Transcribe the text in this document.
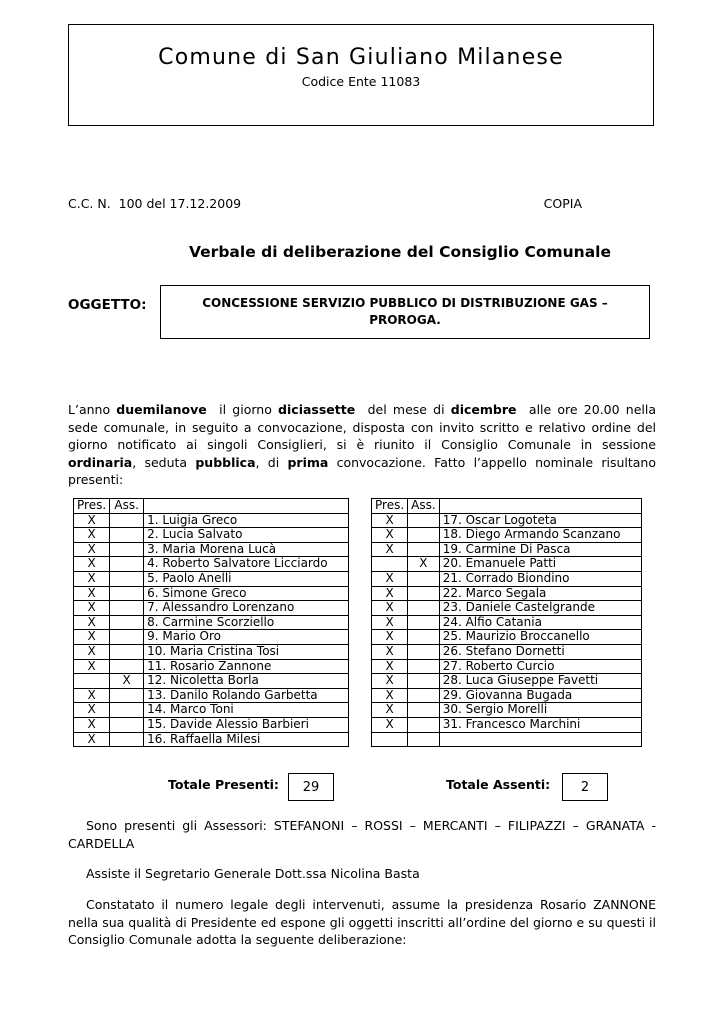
Comune di San Giuliano Milanese
Codice Ente 11083
C.C. N.  100 del 17.12.2009	COPIA
Verbale di deliberazione del Consiglio Comunale
OGGETTO:	CONCESSIONE SERVIZIO PUBBLICO DI DISTRIBUZIONE GAS –
PROROGA.
L’anno duemilanove  il giorno diciassette  del mese di dicembre  alle ore 20.00 nella sede comunale, in seguito a convocazione, disposta con invito scritto e relativo ordine del giorno notificato ai singoli Consiglieri, si è riunito il Consiglio Comunale in sessione ordinaria, seduta pubblica, di prima convocazione. Fatto l’appello nominale risultano presenti:
Pres.	Ass.	
X		1. Luigia Greco
X		2. Lucia Salvato
X		3. Maria Morena Lucà
X		4. Roberto Salvatore Licciardo
X		5. Paolo Anelli
X		6. Simone Greco
X		7. Alessandro Lorenzano
X		8. Carmine Scorziello
X		9. Mario Oro
X		10. Maria Cristina Tosi
X		11. Rosario Zannone
	X	12. Nicoletta Borla
X		13. Danilo Rolando Garbetta
X		14. Marco Toni
X		15. Davide Alessio Barbieri
X		16. Raffaella Milesi
Pres.	Ass.	
X		17. Oscar Logoteta
X		18. Diego Armando Scanzano
X		19. Carmine Di Pasca
	X	20. Emanuele Patti
X		21. Corrado Biondino
X		22. Marco Segala
X		23. Daniele Castelgrande
X		24. Alfio Catania
X		25. Maurizio Broccanello
X		26. Stefano Dornetti
X		27. Roberto Curcio
X		28. Luca Giuseppe Favetti
X		29. Giovanna Bugada
X		30. Sergio Morelli
X		31. Francesco Marchini

Totale Presenti: 29	Totale Assenti: 2
Sono presenti gli Assessori: STEFANONI – ROSSI – MERCANTI – FILIPAZZI – GRANATA - CARDELLA
Assiste il Segretario Generale Dott.ssa Nicolina Basta
Constatato il numero legale degli intervenuti, assume la presidenza Rosario ZANNONE nella sua qualità di Presidente ed espone gli oggetti inscritti all’ordine del giorno e su questi il Consiglio Comunale adotta la seguente deliberazione:
